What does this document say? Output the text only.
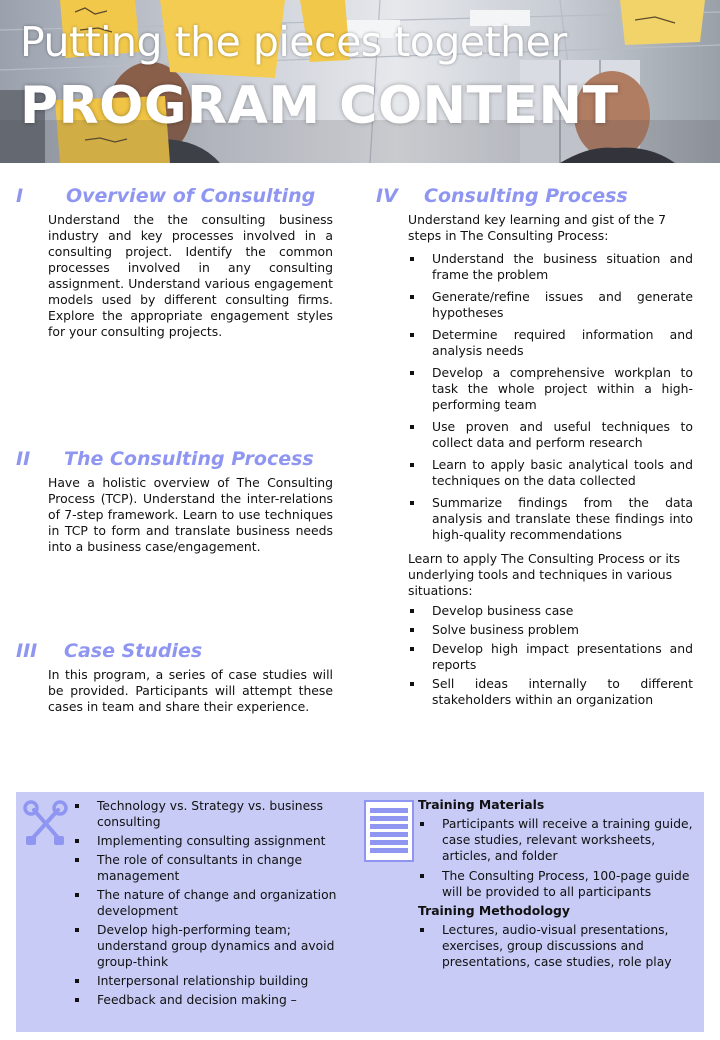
Putting the pieces together
PROGRAM CONTENT
I Overview of Consulting
Understand the the consulting business industry and key processes involved in a consulting project. Identify the common processes involved in any consulting assignment. Understand various engagement models used by different consulting firms. Explore the appropriate engagement styles for your consulting projects.
II The Consulting Process
Have a holistic overview of The Consulting Process (TCP). Understand the inter-relations of 7-step framework. Learn to use techniques in TCP to form and translate business needs into a business case/engagement.
III Case Studies
In this program, a series of case studies will be provided. Participants will attempt these cases in team and share their experience.
IV Consulting Process
Understand key learning and gist of the 7 steps in The Consulting Process:
Understand the business situation and frame the problem
Generate/refine issues and generate hypotheses
Determine required information and analysis needs
Develop a comprehensive workplan to task the whole project within a high-performing team
Use proven and useful techniques to collect data and perform research
Learn to apply basic analytical tools and techniques on the data collected
Summarize findings from the data analysis and translate these findings into high-quality recommendations
Learn to apply The Consulting Process or its underlying tools and techniques in various situations:
Develop business case
Solve business problem
Develop high impact presentations and reports
Sell ideas internally to different stakeholders within an organization
Technology vs. Strategy vs. business consulting
Implementing consulting assignment
The role of consultants in change management
The nature of change and organization development
Develop high-performing team; understand group dynamics and avoid group-think
Interpersonal relationship building
Feedback and decision making –
Training Materials
Participants will receive a training guide, case studies, relevant worksheets, articles, and folder
The Consulting Process, 100-page guide will be provided to all participants
Training Methodology
Lectures, audio-visual presentations, exercises, group discussions and presentations, case studies, role play
